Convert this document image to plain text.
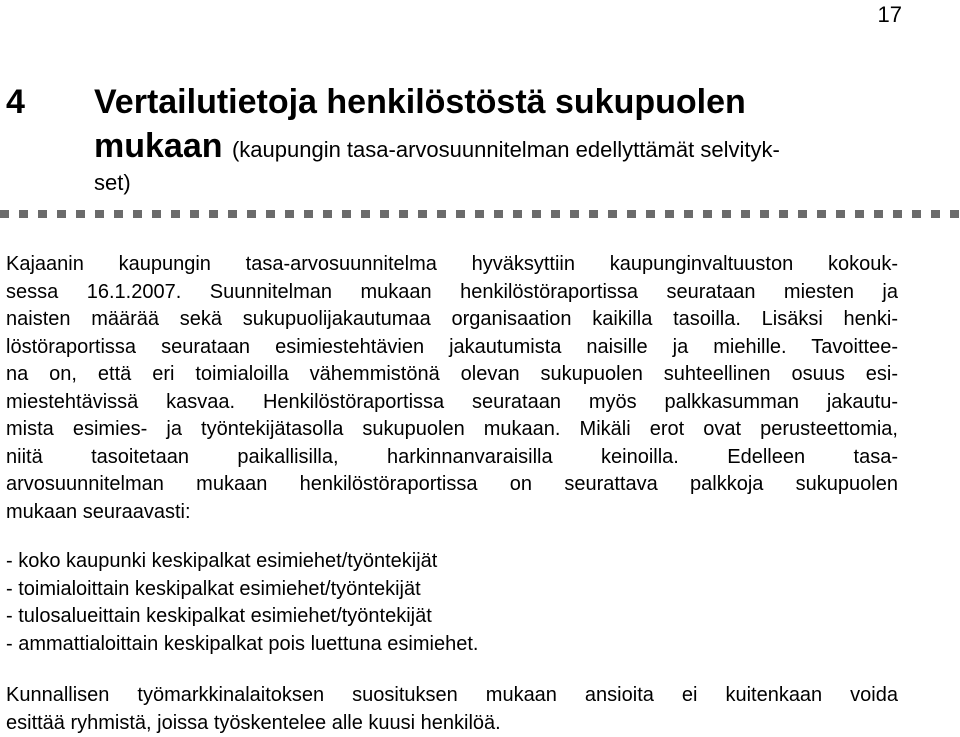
17
4 Vertailutietoja henkilöstöstä sukupuolen
mukaan (kaupungin tasa-arvosuunnitelman edellyttämät selvityk-
set)
Kajaanin kaupungin tasa-arvosuunnitelma hyväksyttiin kaupunginvaltuuston kokouk-
sessa 16.1.2007. Suunnitelman mukaan henkilöstöraportissa seurataan miesten ja
naisten määrää sekä sukupuolijakautumaa organisaation kaikilla tasoilla. Lisäksi henki-
löstöraportissa seurataan esimiestehtävien jakautumista naisille ja miehille. Tavoittee-
na on, että eri toimialoilla vähemmistönä olevan sukupuolen suhteellinen osuus esi-
miestehtävissä kasvaa. Henkilöstöraportissa seurataan myös palkkasumman jakautu-
mista esimies- ja työntekijätasolla sukupuolen mukaan. Mikäli erot ovat perusteettomia,
niitä tasoitetaan paikallisilla, harkinnanvaraisilla keinoilla. Edelleen tasa-
arvosuunnitelman mukaan henkilöstöraportissa on seurattava palkkoja sukupuolen
mukaan seuraavasti:
- koko kaupunki keskipalkat esimiehet/työntekijät
- toimialoittain keskipalkat esimiehet/työntekijät
- tulosalueittain keskipalkat esimiehet/työntekijät
- ammattialoittain keskipalkat pois luettuna esimiehet.
Kunnallisen työmarkkinalaitoksen suosituksen mukaan ansioita ei kuitenkaan voida
esittää ryhmistä, joissa työskentelee alle kuusi henkilöä.
